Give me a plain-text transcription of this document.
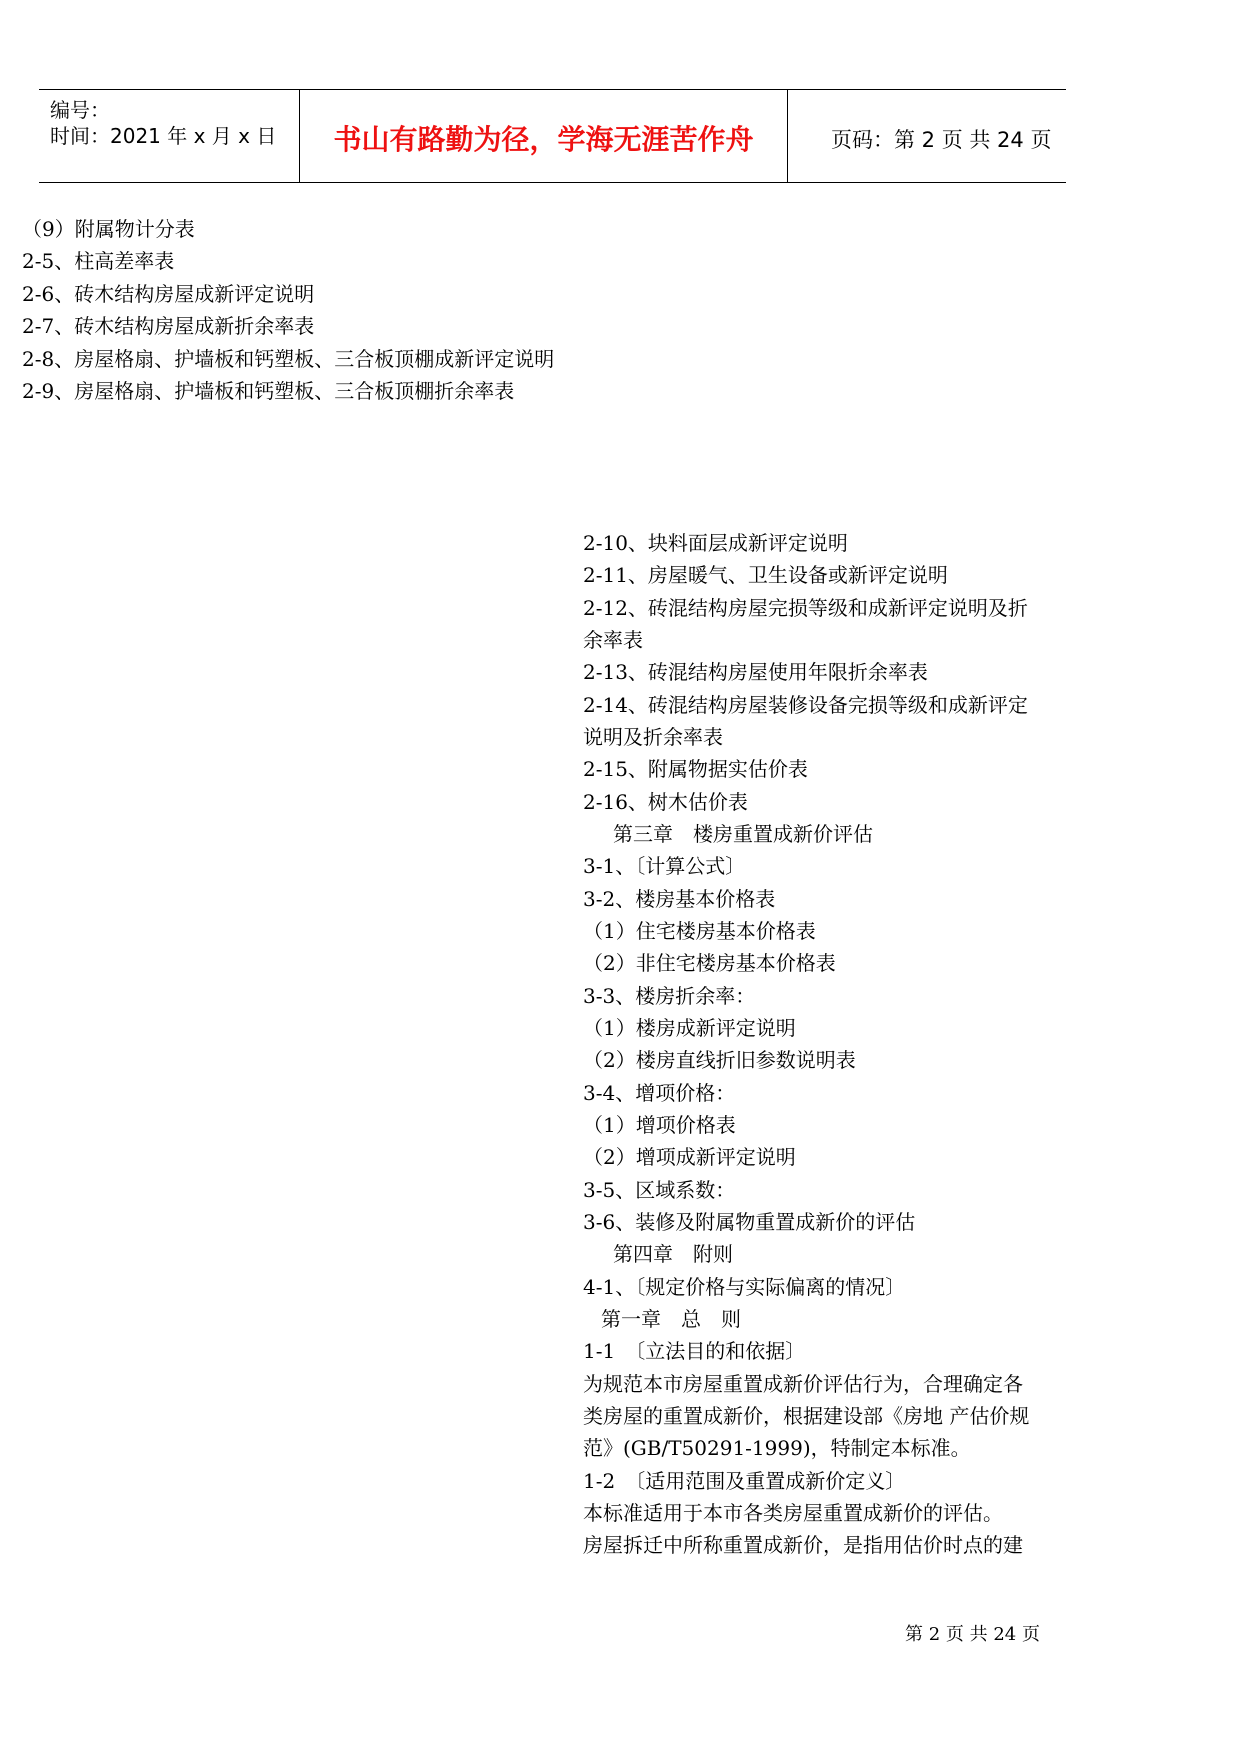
编号：
时间：2021 年 x 月 x 日	书山有路勤为径，学海无涯苦作舟	页码：第 2 页 共 24 页
（9）附属物计分表
2-5、柱高差率表
2-6、砖木结构房屋成新评定说明
2-7、砖木结构房屋成新折余率表
2-8、房屋格扇、护墙板和钙塑板、三合板顶棚成新评定说明
2-9、房屋格扇、护墙板和钙塑板、三合板顶棚折余率表
2-10、块料面层成新评定说明
2-11、房屋暖气、卫生设备或新评定说明
2-12、砖混结构房屋完损等级和成新评定说明及折
余率表
2-13、砖混结构房屋使用年限折余率表
2-14、砖混结构房屋装修设备完损等级和成新评定
说明及折余率表
2-15、附属物据实估价表
2-16、树木估价表
第三章　楼房重置成新价评估
3-1、〔计算公式〕
3-2、楼房基本价格表
（1）住宅楼房基本价格表
（2）非住宅楼房基本价格表
3-3、楼房折余率：
（1）楼房成新评定说明
（2）楼房直线折旧参数说明表
3-4、增项价格：
（1）增项价格表
（2）增项成新评定说明
3-5、区域系数：
3-6、装修及附属物重置成新价的评估
第四章　附则
4-1、〔规定价格与实际偏离的情况〕
第一章　总　则
1-1　〔立法目的和依据〕
为规范本市房屋重置成新价评估行为，合理确定各
类房屋的重置成新价，根据建设部《房地 产估价规
范》(GB/T50291-1999)，特制定本标准。
1-2　〔适用范围及重置成新价定义〕
本标准适用于本市各类房屋重置成新价的评估。
房屋拆迁中所称重置成新价，是指用估价时点的建
第 2 页 共 24 页
